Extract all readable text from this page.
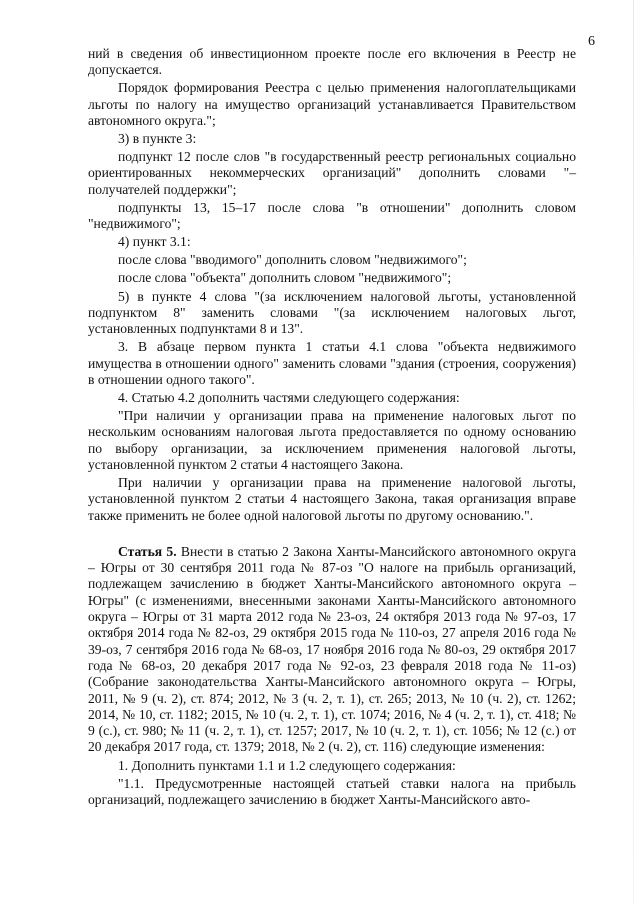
6

ний в сведения об инвестиционном проекте после его включения в Реестр не допускается.

Порядок формирования Реестра с целью применения налогоплательщиками льготы по налогу на имущество организаций устанавливается Правительством автономного округа.";

3) в пункте 3:

подпункт 12 после слов "в государственный реестр региональных социально ориентированных некоммерческих организаций" дополнить словами "– получателей поддержки";

подпункты 13, 15–17 после слова "в отношении" дополнить словом "недвижимого";

4) пункт 3.1:

после слова "вводимого" дополнить словом "недвижимого";

после слова "объекта" дополнить словом "недвижимого";

5) в пункте 4 слова "(за исключением налоговой льготы, установленной подпунктом 8" заменить словами "(за исключением налоговых льгот, установленных подпунктами 8 и 13".

3. В абзаце первом пункта 1 статьи 4.1 слова "объекта недвижимого имущества в отношении одного" заменить словами "здания (строения, сооружения) в отношении одного такого".

4. Статью 4.2 дополнить частями следующего содержания:

"При наличии у организации права на применение налоговых льгот по нескольким основаниям налоговая льгота предоставляется по одному основанию по выбору организации, за исключением применения налоговой льготы, установленной пунктом 2 статьи 4 настоящего Закона.

При наличии у организации права на применение налоговой льготы, установленной пунктом 2 статьи 4 настоящего Закона, такая организация вправе также применить не более одной налоговой льготы по другому основанию.".

Статья 5. Внести в статью 2 Закона Ханты-Мансийского автономного округа – Югры от 30 сентября 2011 года № 87-оз "О налоге на прибыль организаций, подлежащем зачислению в бюджет Ханты-Мансийского автономного округа – Югры" (с изменениями, внесенными законами Ханты-Мансийского автономного округа – Югры от 31 марта 2012 года № 23-оз, 24 октября 2013 года № 97-оз, 17 октября 2014 года № 82-оз, 29 октября 2015 года № 110-оз, 27 апреля 2016 года № 39-оз, 7 сентября 2016 года № 68-оз, 17 ноября 2016 года № 80-оз, 29 октября 2017 года № 68-оз, 20 декабря 2017 года № 92-оз, 23 февраля 2018 года № 11-оз) (Собрание законодательства Ханты-Мансийского автономного округа – Югры, 2011, № 9 (ч. 2), ст. 874; 2012, № 3 (ч. 2, т. 1), ст. 265; 2013, № 10 (ч. 2), ст. 1262; 2014, № 10, ст. 1182; 2015, № 10 (ч. 2, т. 1), ст. 1074; 2016, № 4 (ч. 2, т. 1), ст. 418; № 9 (с.), ст. 980; № 11 (ч. 2, т. 1), ст. 1257; 2017, № 10 (ч. 2, т. 1), ст. 1056; № 12 (с.) от 20 декабря 2017 года, ст. 1379; 2018, № 2 (ч. 2), ст. 116) следующие изменения:

1. Дополнить пунктами 1.1 и 1.2 следующего содержания:

"1.1. Предусмотренные настоящей статьей ставки налога на прибыль организаций, подлежащего зачислению в бюджет Ханты-Мансийского авто-
